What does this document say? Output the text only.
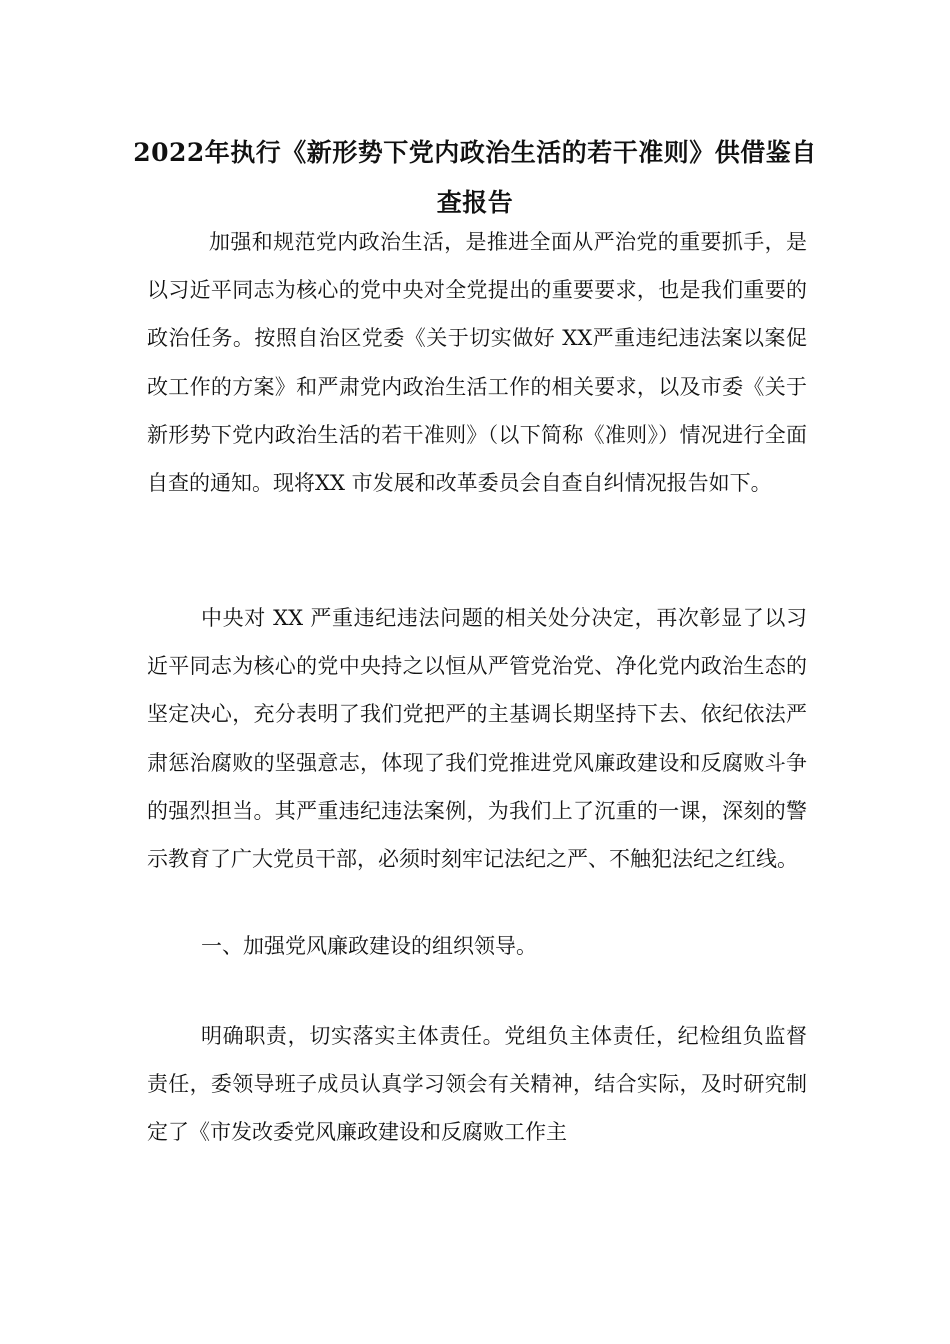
2022年执行《新形势下党内政治生活的若干准则》供借鉴自查报告

加强和规范党内政治生活，是推进全面从严治党的重要抓手，是以习近平同志为核心的党中央对全党提出的重要要求，也是我们重要的政治任务。按照自治区党委《关于切实做好 XX严重违纪违法案以案促改工作的方案》和严肃党内政治生活工作的相关要求，以及市委《关于新形势下党内政治生活的若干准则》（以下简称《准则》）情况进行全面自查的通知。现将XX 市发展和改革委员会自查自纠情况报告如下。

中央对 XX 严重违纪违法问题的相关处分决定，再次彰显了以习近平同志为核心的党中央持之以恒从严管党治党、净化党内政治生态的坚定决心，充分表明了我们党把严的主基调长期坚持下去、依纪依法严肃惩治腐败的坚强意志，体现了我们党推进党风廉政建设和反腐败斗争的强烈担当。其严重违纪违法案例，为我们上了沉重的一课，深刻的警示教育了广大党员干部，必须时刻牢记法纪之严、不触犯法纪之红线。

一、加强党风廉政建设的组织领导。

明确职责，切实落实主体责任。党组负主体责任，纪检组负监督责任，委领导班子成员认真学习领会有关精神，结合实际，及时研究制定了《市发改委党风廉政建设和反腐败工作主
